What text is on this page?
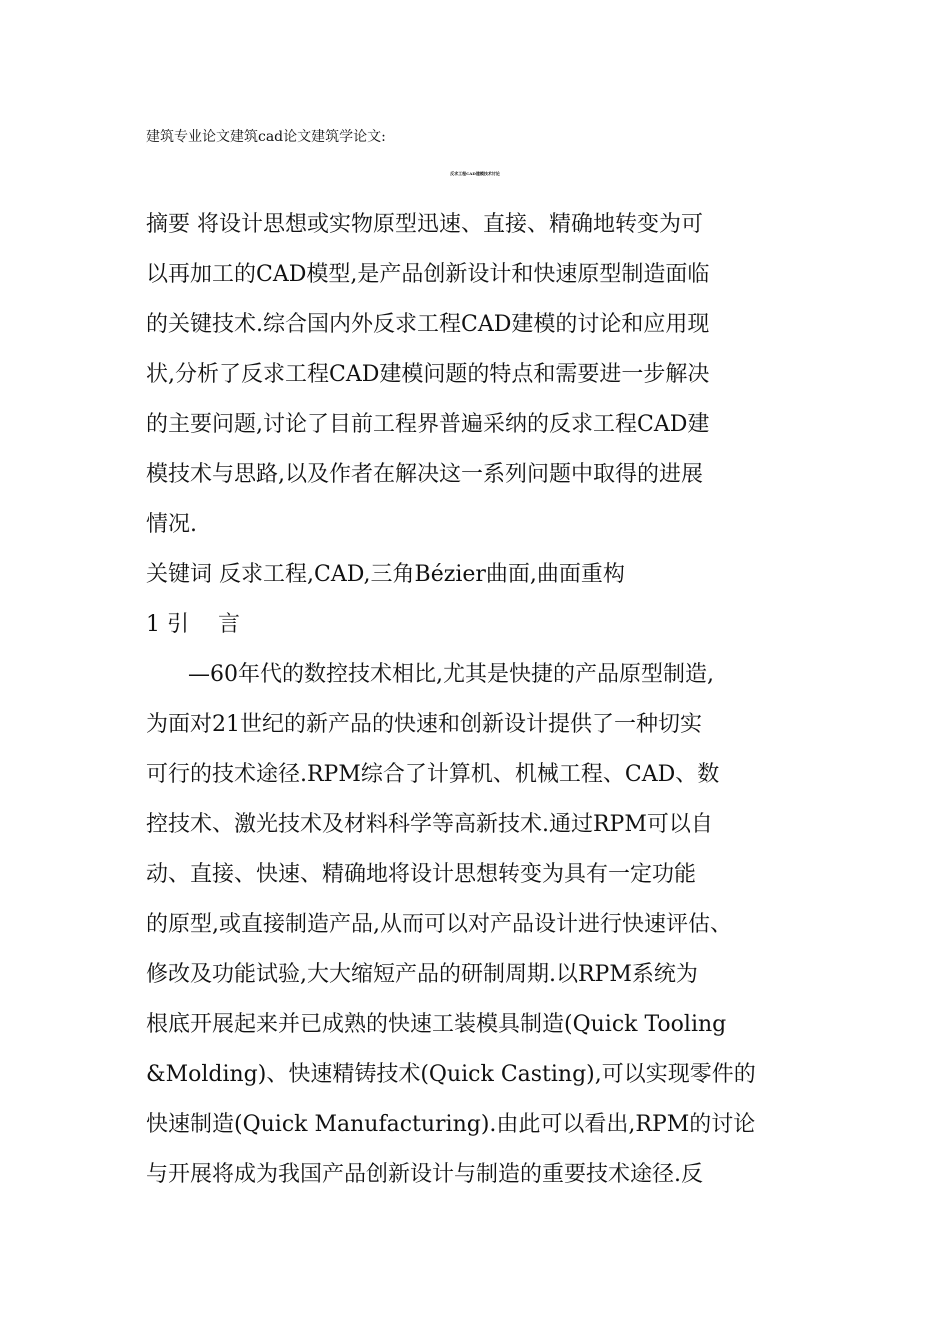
建筑专业论文建筑cad论文建筑学论文:
反求工程CAD建模技术讨论
摘要 将设计思想或实物原型迅速、直接、精确地转变为可
以再加工的CAD模型,是产品创新设计和快速原型制造面临
的关键技术.综合国内外反求工程CAD建模的讨论和应用现
状,分析了反求工程CAD建模问题的特点和需要进一步解决
的主要问题,讨论了目前工程界普遍采纳的反求工程CAD建
模技术与思路,以及作者在解决这一系列问题中取得的进展
情况.
关键词 反求工程,CAD,三角Bézier曲面,曲面重构
1 引　 言
—60年代的数控技术相比,尤其是快捷的产品原型制造,
为面对21世纪的新产品的快速和创新设计提供了一种切实
可行的技术途径.RPM综合了计算机、机械工程、CAD、数
控技术、激光技术及材料科学等高新技术.通过RPM可以自
动、直接、快速、精确地将设计思想转变为具有一定功能
的原型,或直接制造产品,从而可以对产品设计进行快速评估、
修改及功能试验,大大缩短产品的研制周期.以RPM系统为
根底开展起来并已成熟的快速工装模具制造(Quick Tooling
&Molding)、快速精铸技术(Quick Casting),可以实现零件的
快速制造(Quick Manufacturing).由此可以看出,RPM的讨论
与开展将成为我国产品创新设计与制造的重要技术途径.反
